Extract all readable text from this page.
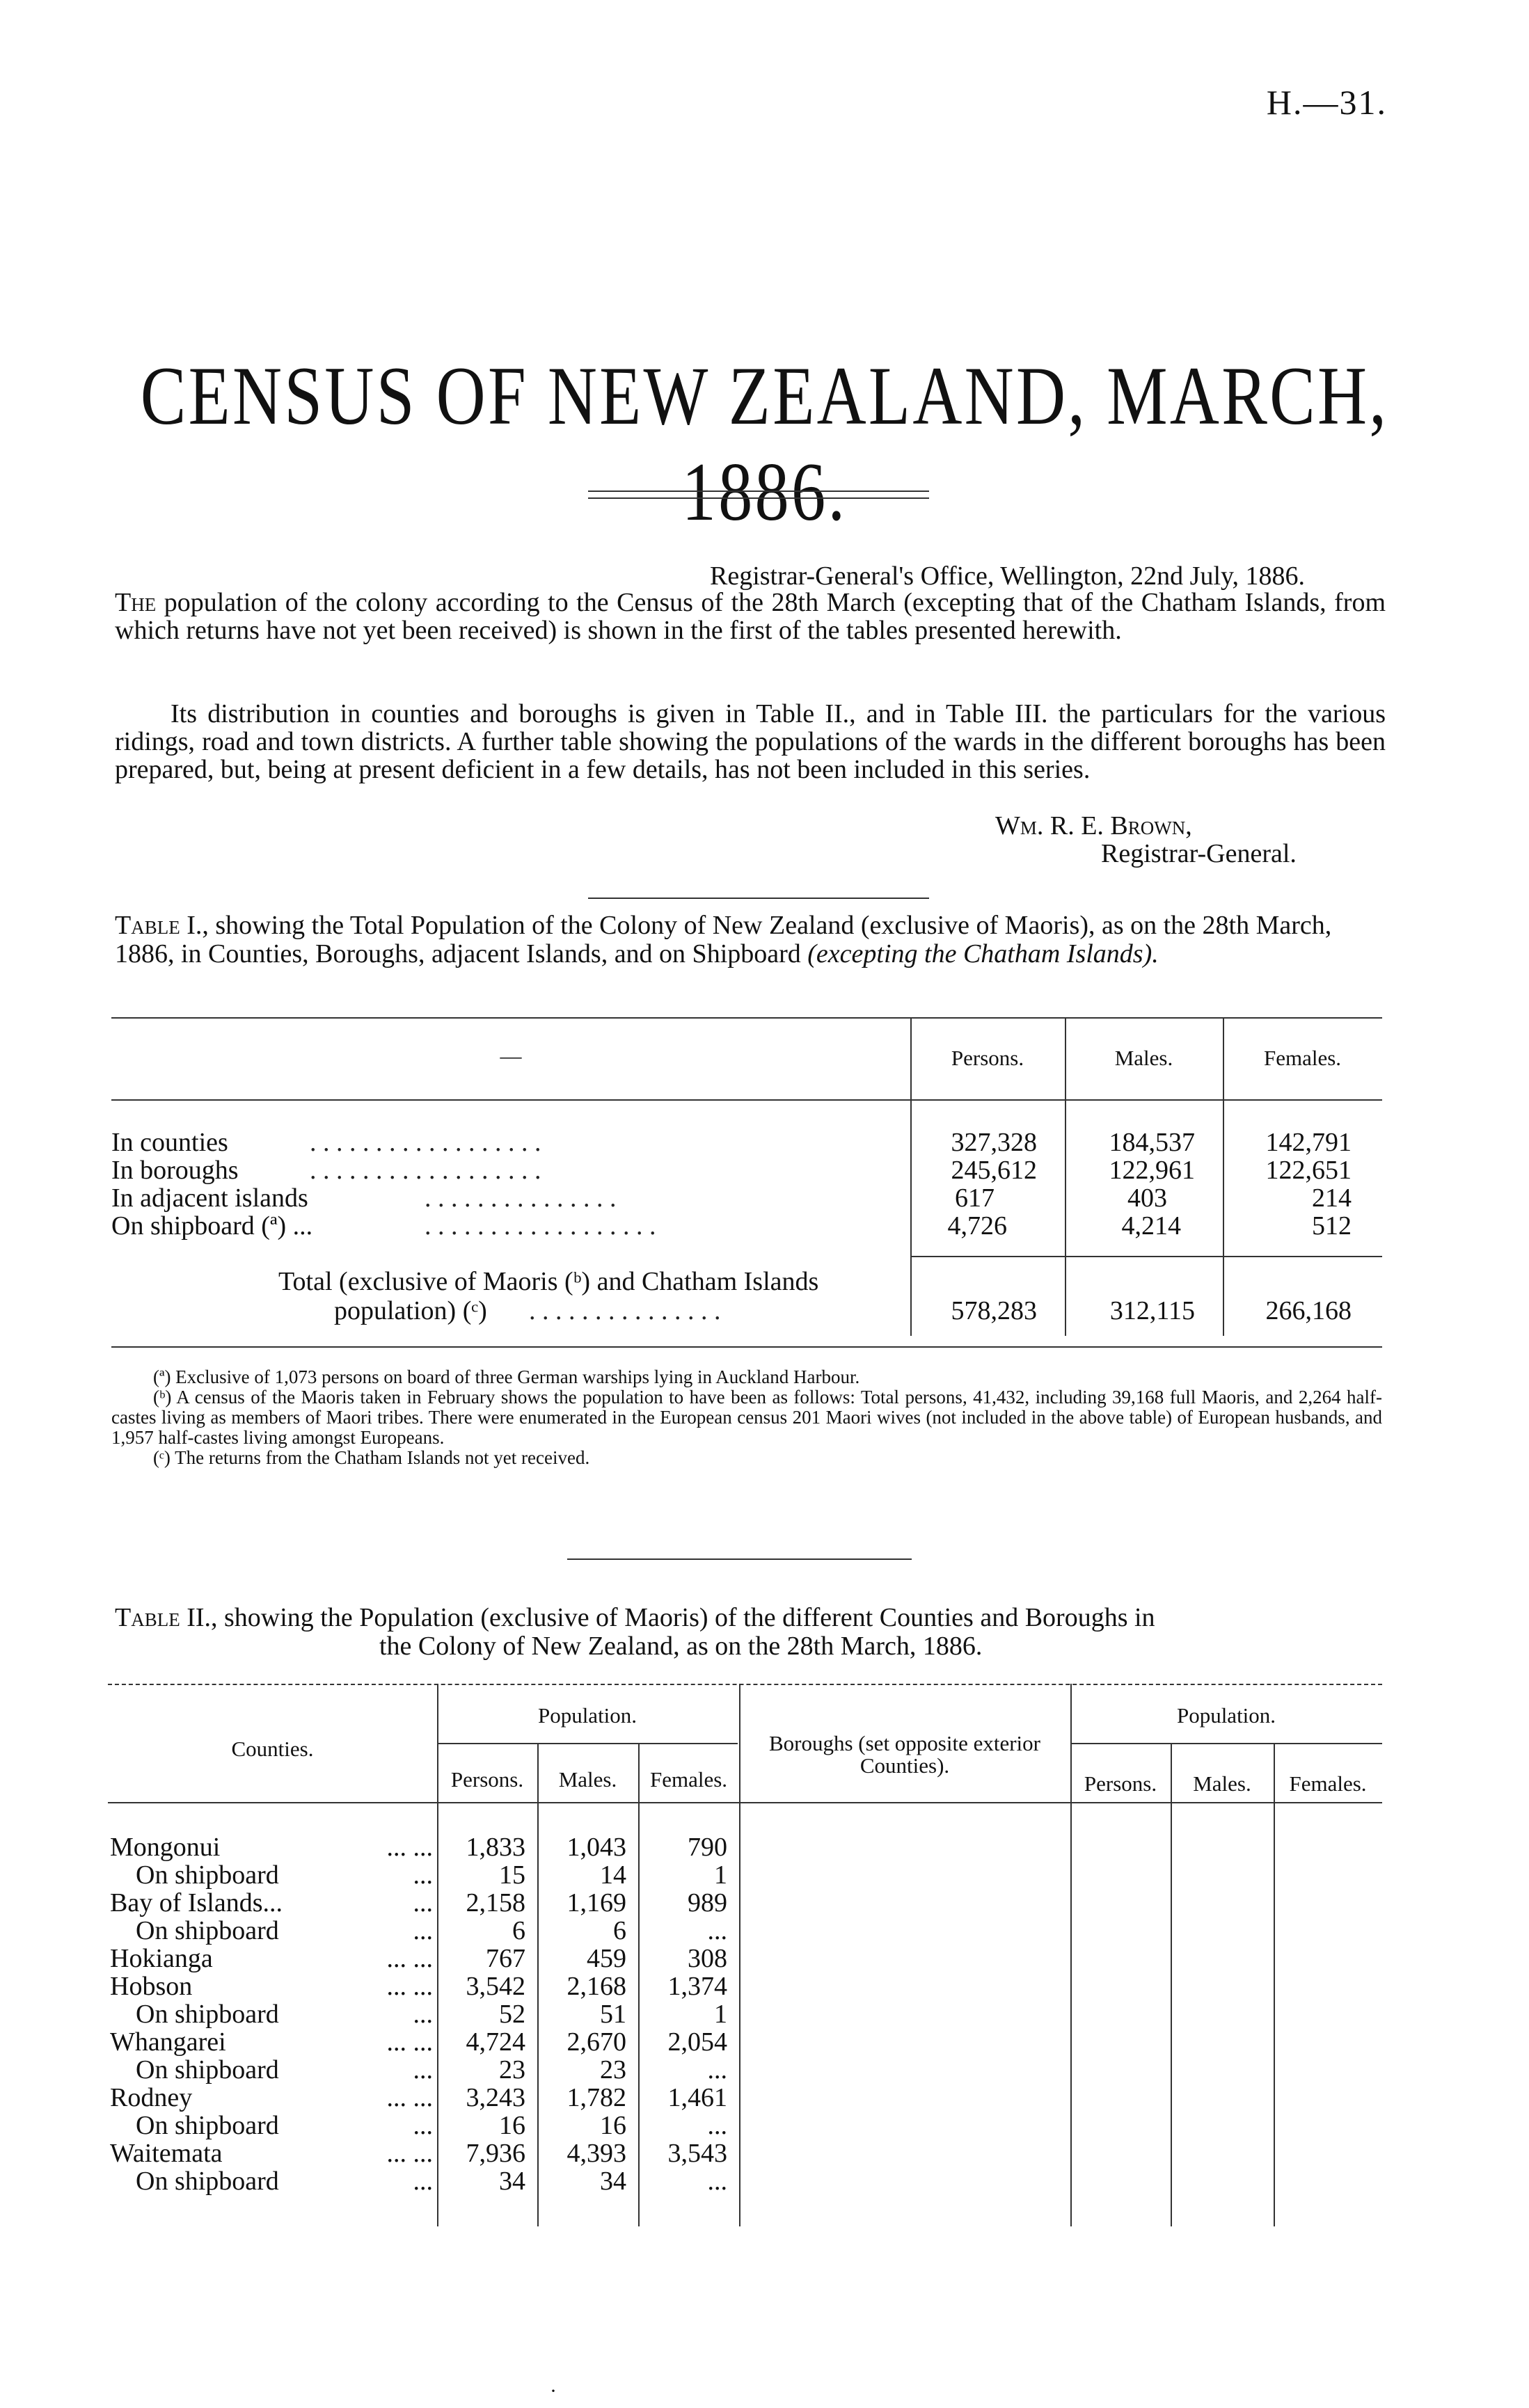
H.—31.
CENSUS OF NEW ZEALAND, MARCH, 1886.
Registrar-General's Office, Wellington, 22nd July, 1886.
The population of the colony according to the Census of the 28th March (excepting that of the Chatham Islands, from which returns have not yet been received) is shown in the first of the tables presented herewith.
Its distribution in counties and boroughs is given in Table II., and in Table III. the particulars for the various ridings, road and town districts. A further table showing the populations of the wards in the different boroughs has been prepared, but, being at present deficient in a few details, has not been included in this series.
Wm. R. E. Brown,
Registrar-General.
Table I., showing the Total Population of the Colony of New Zealand (exclusive of Maoris), as on the 28th March, 1886, in Counties, Boroughs, adjacent Islands, and on Shipboard (excepting the Chatham Islands).
—	Persons.	Males.	Females.
In counties	. . . . . . . . . . . . . . . . . .	327,328	184,537	142,791
In boroughs	. . . . . . . . . . . . . . . . . .	245,612	122,961	122,651
In adjacent islands	. . . . . . . . . . . . . . .	617	403	214
On shipboard (ª) ...	. . . . . . . . . . . . . . . . . .	4,726	4,214	512
Total (exclusive of Maoris (ᵇ) and Chatham Islands
population) (ᶜ) . . . . . . . . . . . . . . .	578,283	312,115	266,168
(ª) Exclusive of 1,073 persons on board of three German warships lying in Auckland Harbour.
(ᵇ) A census of the Maoris taken in February shows the population to have been as follows: Total persons, 41,432, including 39,168 full Maoris, and 2,264 half-castes living as members of Maori tribes. There were enumerated in the European census 201 Maori wives (not included in the above table) of European husbands, and 1,957 half-castes living amongst Europeans.
(ᶜ) The returns from the Chatham Islands not yet received.
Table II., showing the Population (exclusive of Maoris) of the different Counties and Boroughs in
the Colony of New Zealand, as on the 28th March, 1886.
Counties.
Population.
Persons.	Males.	Females.
Boroughs (set opposite exterior Counties).
Population.
Persons.	Males.	Females.
Mongonui	... ... 1,833 1,043 790
On shipboard	...	15	14	1
Bay of Islands...	... 2,158 1,169 989
On shipboard	...	6	6	...
Hokianga	... ... 767 459 308
Hobson	... ... 3,542 2,168 1,374
On shipboard	...	52	51	1
Whangarei	... ... 4,724 2,670 2,054
On shipboard	...	23	23	...
Rodney	... ... 3,243 1,782 1,461
On shipboard	...	16	16	...
Waitemata	... ... 7,936 4,393 3,543
On shipboard	...	34	34	...
·
